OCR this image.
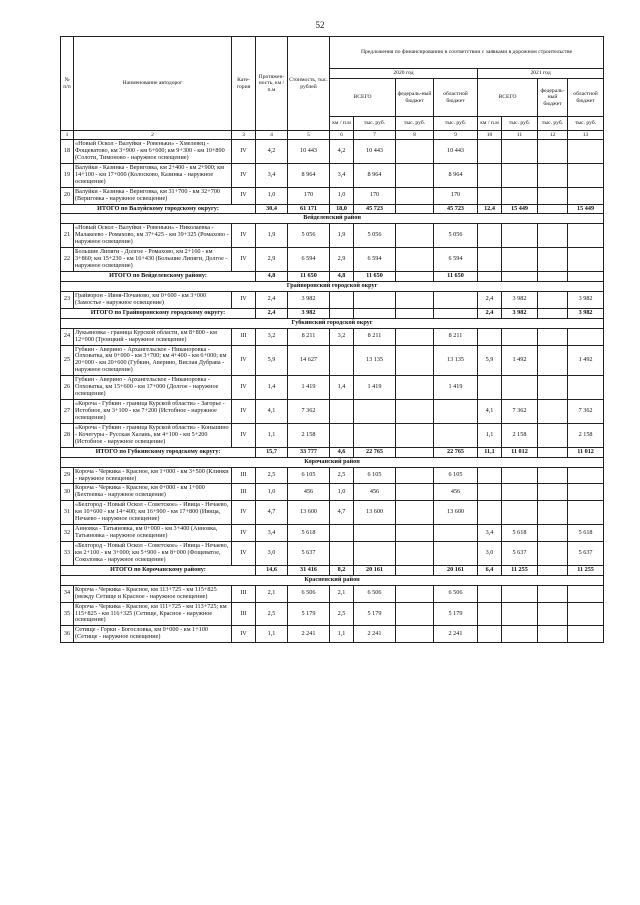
52
№ п/п	Наименование автодорог	Кате-гория	Протяжен-ность, км / п.м	Стоимость, тыс. рублей	Предложения по финансированию в соответствии с заявками в дорожном строительстве							
					2020 год				2021 год			
					ВСЕГО		федераль-ный бюджет	областной бюджет	ВСЕГО		федераль-ный бюджет	областной бюджет
					км / п.м	тыс. руб.	тыс. руб.	тыс. руб.	км / п.м	тыс. руб.	тыс. руб.	тыс. руб.
1	2	3	4	5	6	7	8	9	10	11	12	13
18	«Новый Оскол - Валуйки - Ровеньки» - Хмелевец - Фощеватово, км 3+900 - км 6+600; км 9+300 - км 10+890 (Солоти, Тимоново - наружное освещение)	IV	4,2	10 443	4,2	10 443		10 443				
19	Валуйки - Казинка - Вериговка, км 2+400 - км 2+900; км 14+100 - км 17+000 (Колосково, Казинка - наружное освещение)	IV	3,4	8 964	3,4	8 964		8 964				
20	Валуйки - Казинка - Вериговка, км 31+700 - км 32+700 (Вериговка - наружное освещение)	IV	1,0	170	1,0	170		170				
ИТОГО по Валуйскому городскому округу:			30,4	61 171	18,0	45 723		45 723	12,4	15 449		15 449
Вейделевский район												
21	«Новый Оскол - Валуйки - Ровеньки» - Николаевка - Малакеево - Ромахово, км 37+425 - км 39+325 (Ромахово - наружное освещение)	IV	1,9	5 056	1,9	5 056		5 056				
22	Большие Липяги - Долгое - Ромахово, км 2+160 - км 3+860; км 15+230 - км 16+430 (Большие Липяги, Долгое - наружное освещение)	IV	2,9	6 594	2,9	6 594		6 594				
ИТОГО по Вейделевскому району:			4,8	11 650	4,8	11 650		11 650				
Грайворонский городской округ												
23	Грайворон - Ивня-Почаново, км 0+600 - км 3+000 (Замостье - наружное освещение)	IV	2,4	3 982					2,4	3 982		3 982
ИТОГО по Грайворонскому городскому округу:			2,4	3 982					2,4	3 982		3 982
Губкинский городской округ												
24	Лукьяновка - граница Курской области, км 8+800 - км 12+000 (Троицкий - наружное освещение)	III	3,2	8 211	3,2	8 211		8 211				
25	Губкин - Аверино - Архангельское - Никаноровка - Олховатка, км 0+000 - км 3+700; км 4+400 - км 6+000; км 20+000 - км 20+600 (Губкин, Аверино, Вислая Дубрава - наружное освещение)	IV	5,9	14 627		13 135		13 135	5,9	1 492		1 492
26	Губкин - Аверино - Архангельское - Никаноровка - Олховатка, км 15+600 - км 17+000 (Долгое - наружное освещение)	IV	1,4	1 419	1,4	1 419		1 419				
27	«Короча - Губкин - граница Курской области» - Загорье - Истобное, км 3+100 - км 7+200 (Истобное - наружное освещение)	IV	4,1	7 362					4,1	7 362		7 362
28	«Короча - Губкин - граница Курской области» - Коньшино - Кочегуры - Русская Халань, км 4+100 - км 5+200 (Истобное - наружное освещение)	IV	1,1	2 158					1,1	2 158		2 158
ИТОГО по Губкинскому городскому округу:			15,7	33 777	4,6	22 765		22 765	11,1	11 012		11 012
Корочанский район												
29	Короча - Черкика - Красное, км 1+000 - км 3+500 (Клинки - наружное освещение)	III	2,5	6 105	2,5	6 105		6 105				
30	Короча - Черкика - Красное, км 0+000 - км 1+000 (Бехтеевка - наружное освещение)	III	1,0	456	1,0	456		456				
31	«Белгород - Новый Оскол - Советское» - Ивица - Нечаево, км 10+600 - км 14+400; км 16+900 - км 17+800 (Ивица, Нечаево - наружное освещение)	IV	4,7	13 600	4,7	13 600		13 600				
32	Анновка - Татьяновка, км 0+000 - км 3+400 (Анновка, Татьяновка - наружное освещение)	IV	3,4	5 618					3,4	5 618		5 618
33	«Белгород - Новый Оскол - Советское» - Ивица - Нечаево, км 2+100 - км 3+000; км 5+900 - км 8+000 (Фощеватое, Соколовка - наружное освещение)	IV	3,0	5 637					3,0	5 637		5 637
ИТОГО по Корочанскому району:			14,6	31 416	8,2	20 161		20 161	6,4	11 255		11 255
Красненский район												
34	Короча - Черкика - Красное, км 113+725 - км 115+825 (между Сетище и Красное - наружное освещение)	III	2,1	6 506	2,1	6 506		6 506				
35	Короча - Черкика - Красное, км 111+725 - км 113+725; км 115+825 - км 116+325 (Сетище, Красное - наружное освещение)	III	2,5	5 179	2,5	5 179		5 179				
36	Сетище - Горки - Богословка, км 0+000 - км 1+100 (Сетище - наружное освещение)	IV	1,1	2 241	1,1	2 241		2 241				
